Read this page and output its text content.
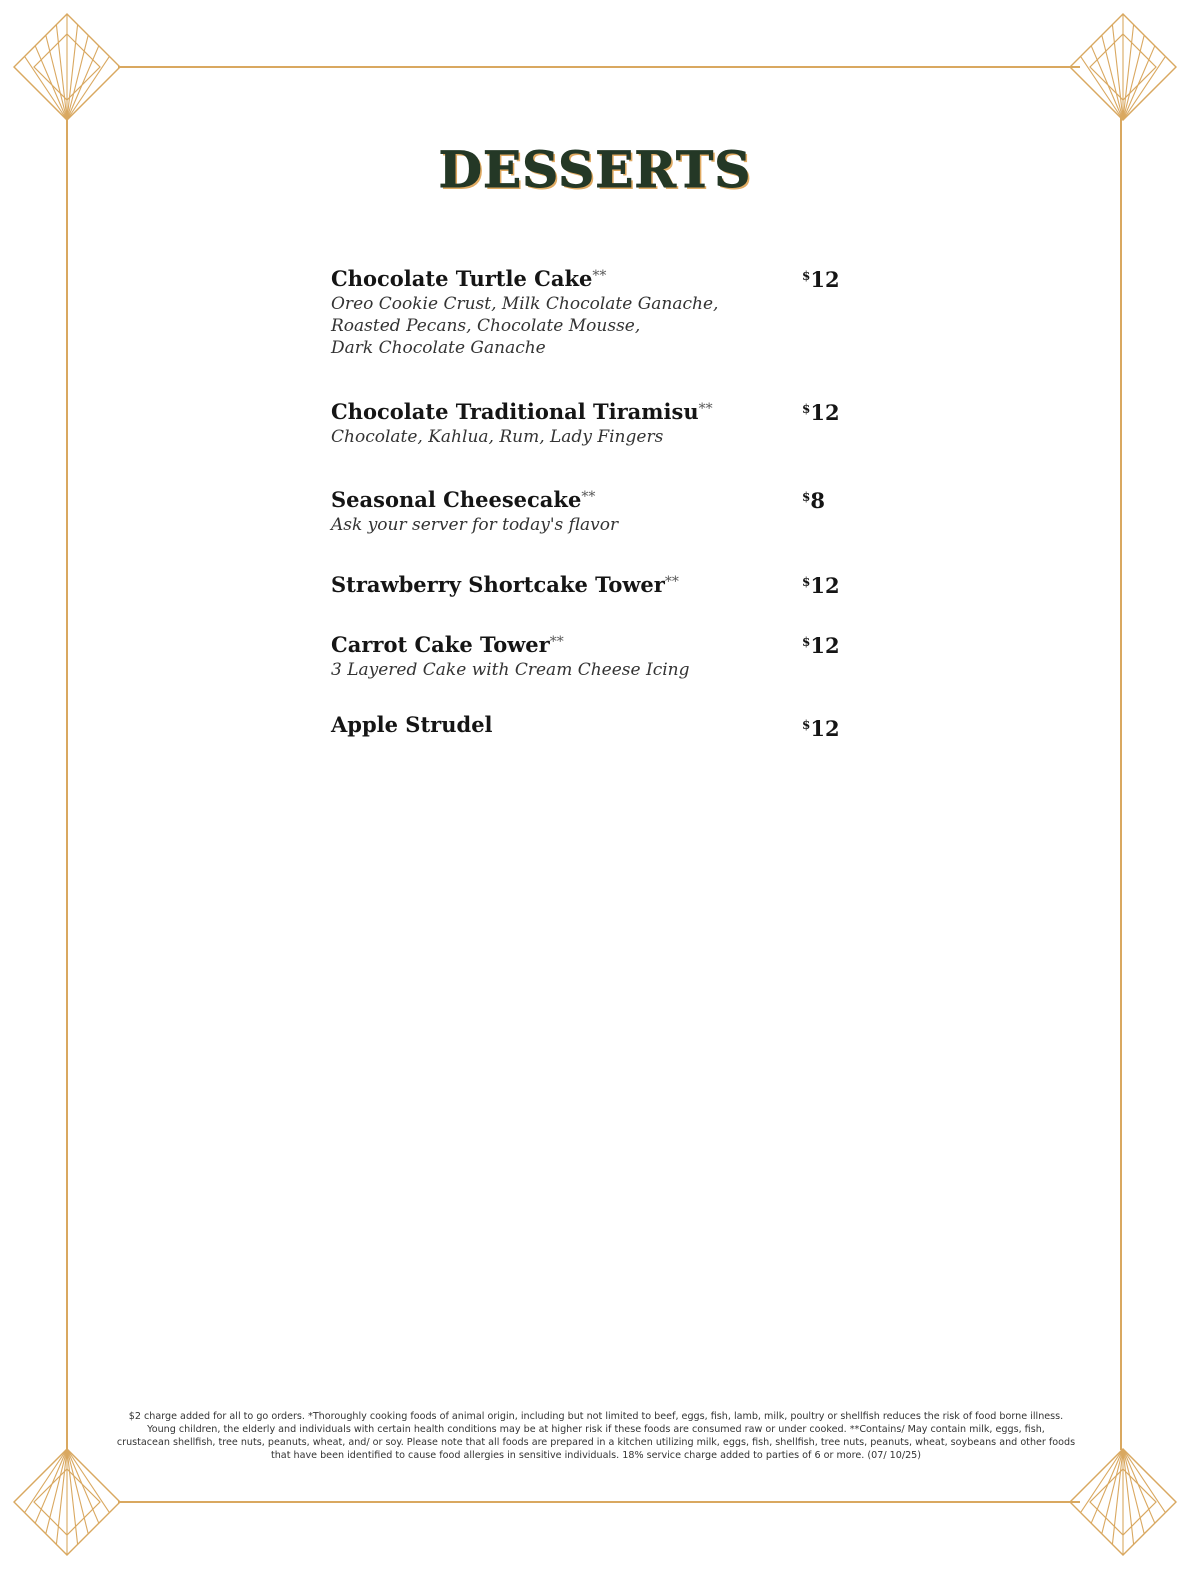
DESSERTS
Chocolate Turtle Cake**	$12
Oreo Cookie Crust, Milk Chocolate Ganache,
Roasted Pecans, Chocolate Mousse,
Dark Chocolate Ganache
Chocolate Traditional Tiramisu**	$12
Chocolate, Kahlua, Rum, Lady Fingers
Seasonal Cheesecake**	$8
Ask your server for today's flavor
Strawberry Shortcake Tower**	$12
Carrot Cake Tower**	$12
3 Layered Cake with Cream Cheese Icing
Apple Strudel	$12
$2 charge added for all to go orders. *Thoroughly cooking foods of animal origin, including but not limited to beef, eggs, fish, lamb, milk, poultry or shellfish reduces the risk of food borne illness.
Young children, the elderly and individuals with certain health conditions may be at higher risk if these foods are consumed raw or under cooked. **Contains/ May contain milk, eggs, fish,
crustacean shellfish, tree nuts, peanuts, wheat, and/ or soy. Please note that all foods are prepared in a kitchen utilizing milk, eggs, fish, shellfish, tree nuts, peanuts, wheat, soybeans and other foods
that have been identified to cause food allergies in sensitive individuals. 18% service charge added to parties of 6 or more. (07/ 10/25)
